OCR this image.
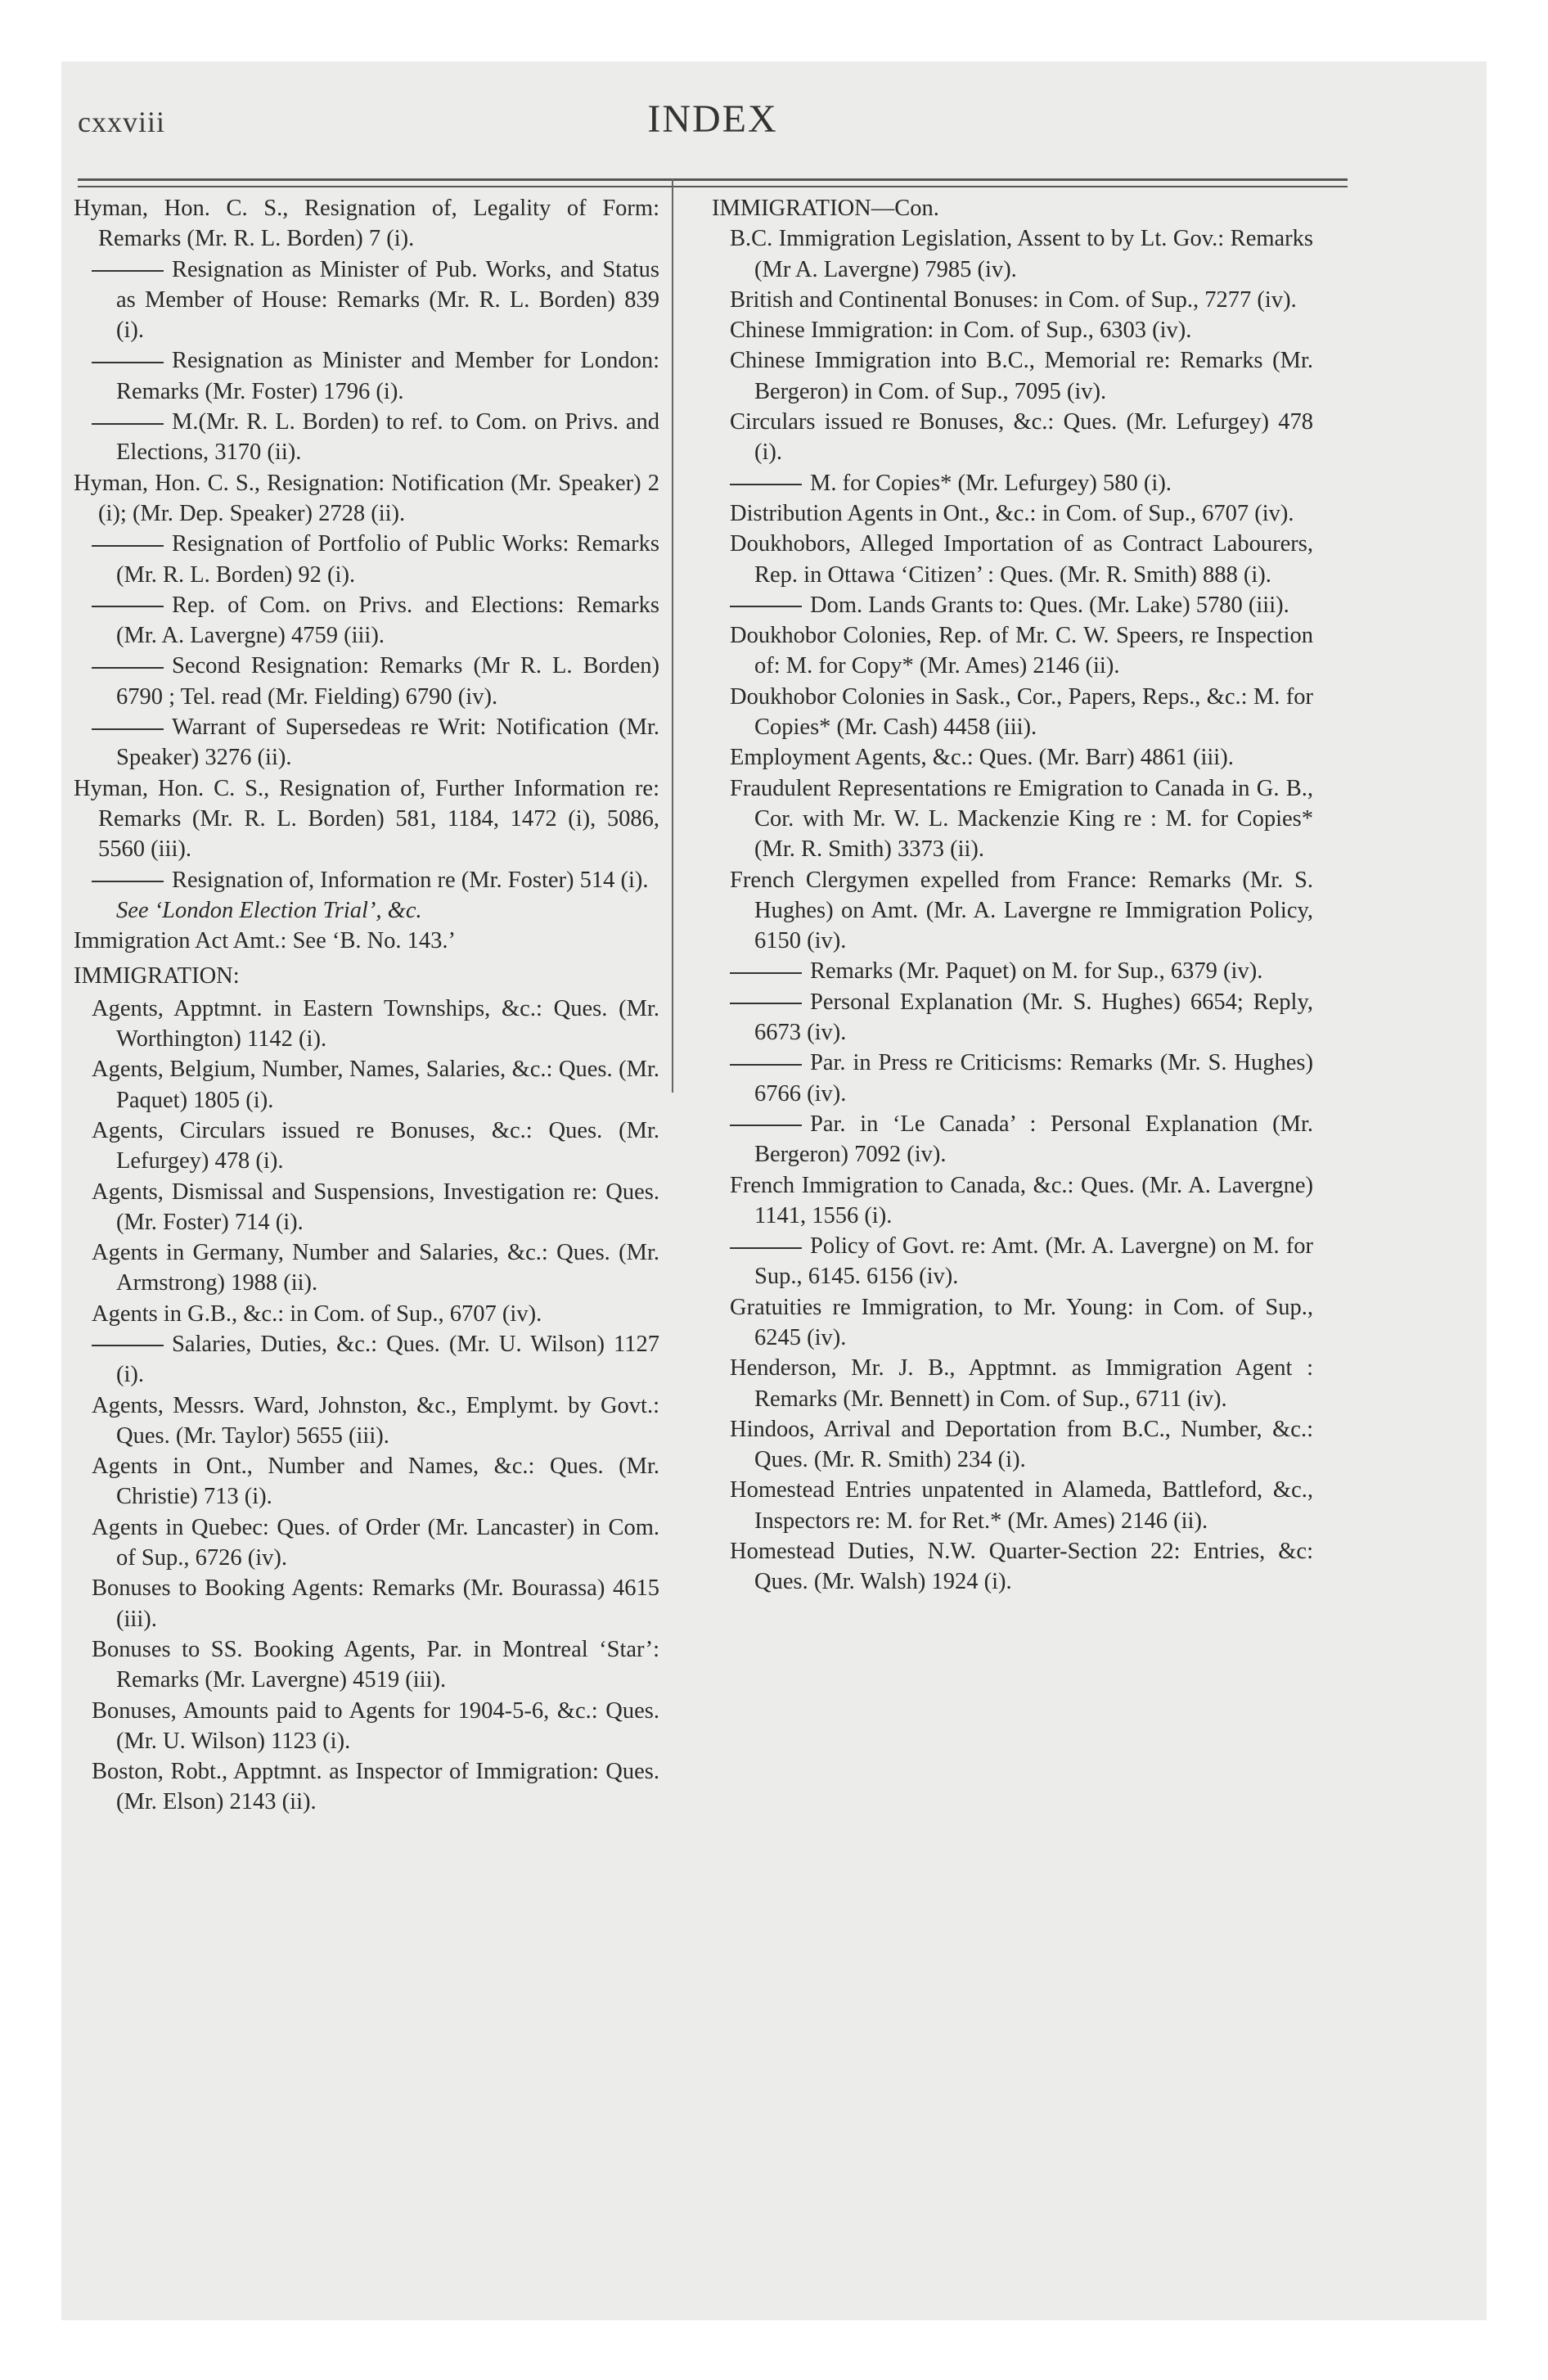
cxxviii	INDEX

Hyman, Hon. C. S., Resignation of, Legality of Form: Remarks (Mr. R. L. Borden) 7 (i).

Resignation as Minister of Pub. Works, and Status as Member of House: Remarks (Mr. R. L. Borden) 839 (i).

Resignation as Minister and Member for London: Remarks (Mr. Foster) 1796 (i).

M.(Mr. R. L. Borden) to ref. to Com. on Privs. and Elections, 3170 (ii).

Hyman, Hon. C. S., Resignation: Notification (Mr. Speaker) 2 (i); (Mr. Dep. Speaker) 2728 (ii).

Resignation of Portfolio of Public Works: Remarks (Mr. R. L. Borden) 92 (i).

Rep. of Com. on Privs. and Elections: Remarks (Mr. A. Lavergne) 4759 (iii).

Second Resignation: Remarks (Mr R. L. Borden) 6790 ; Tel. read (Mr. Fielding) 6790 (iv).

Warrant of Supersedeas re Writ: Notification (Mr. Speaker) 3276 (ii).

Hyman, Hon. C. S., Resignation of, Further Information re: Remarks (Mr. R. L. Borden) 581, 1184, 1472 (i), 5086, 5560 (iii).

Resignation of, Information re (Mr. Foster) 514 (i).

See ‘London Election Trial’, &c.

Immigration Act Amt.: See ‘B. No. 143.’

IMMIGRATION:

Agents, Apptmnt. in Eastern Townships, &c.: Ques. (Mr. Worthington) 1142 (i).

Agents, Belgium, Number, Names, Salaries, &c.: Ques. (Mr. Paquet) 1805 (i).

Agents, Circulars issued re Bonuses, &c.: Ques. (Mr. Lefurgey) 478 (i).

Agents, Dismissal and Suspensions, Investigation re: Ques. (Mr. Foster) 714 (i).

Agents in Germany, Number and Salaries, &c.: Ques. (Mr. Armstrong) 1988 (ii).

Agents in G.B., &c.: in Com. of Sup., 6707 (iv).

Salaries, Duties, &c.: Ques. (Mr. U. Wilson) 1127 (i).

Agents, Messrs. Ward, Johnston, &c., Emplymt. by Govt.: Ques. (Mr. Taylor) 5655 (iii).

Agents in Ont., Number and Names, &c.: Ques. (Mr. Christie) 713 (i).

Agents in Quebec: Ques. of Order (Mr. Lancaster) in Com. of Sup., 6726 (iv).

Bonuses to Booking Agents: Remarks (Mr. Bourassa) 4615 (iii).

Bonuses to SS. Booking Agents, Par. in Montreal ‘Star’: Remarks (Mr. Lavergne) 4519 (iii).

Bonuses, Amounts paid to Agents for 1904-5-6, &c.: Ques. (Mr. U. Wilson) 1123 (i).

Boston, Robt., Apptmnt. as Inspector of Immigration: Ques. (Mr. Elson) 2143 (ii).

IMMIGRATION—Con.

B.C. Immigration Legislation, Assent to by Lt. Gov.: Remarks (Mr A. Lavergne) 7985 (iv).

British and Continental Bonuses: in Com. of Sup., 7277 (iv).

Chinese Immigration: in Com. of Sup., 6303 (iv).

Chinese Immigration into B.C., Memorial re: Remarks (Mr. Bergeron) in Com. of Sup., 7095 (iv).

Circulars issued re Bonuses, &c.: Ques. (Mr. Lefurgey) 478 (i).

M. for Copies* (Mr. Lefurgey) 580 (i).

Distribution Agents in Ont., &c.: in Com. of Sup., 6707 (iv).

Doukhobors, Alleged Importation of as Contract Labourers, Rep. in Ottawa ‘Citizen’ : Ques. (Mr. R. Smith) 888 (i).

Dom. Lands Grants to: Ques. (Mr. Lake) 5780 (iii).

Doukhobor Colonies, Rep. of Mr. C. W. Speers, re Inspection of: M. for Copy* (Mr. Ames) 2146 (ii).

Doukhobor Colonies in Sask., Cor., Papers, Reps., &c.: M. for Copies* (Mr. Cash) 4458 (iii).

Employment Agents, &c.: Ques. (Mr. Barr) 4861 (iii).

Fraudulent Representations re Emigration to Canada in G. B., Cor. with Mr. W. L. Mackenzie King re : M. for Copies* (Mr. R. Smith) 3373 (ii).

French Clergymen expelled from France: Remarks (Mr. S. Hughes) on Amt. (Mr. A. Lavergne re Immigration Policy, 6150 (iv).

Remarks (Mr. Paquet) on M. for Sup., 6379 (iv).

Personal Explanation (Mr. S. Hughes) 6654; Reply, 6673 (iv).

Par. in Press re Criticisms: Remarks (Mr. S. Hughes) 6766 (iv).

Par. in ‘Le Canada’ : Personal Explanation (Mr. Bergeron) 7092 (iv).

French Immigration to Canada, &c.: Ques. (Mr. A. Lavergne) 1141, 1556 (i).

Policy of Govt. re: Amt. (Mr. A. Lavergne) on M. for Sup., 6145. 6156 (iv).

Gratuities re Immigration, to Mr. Young: in Com. of Sup., 6245 (iv).

Henderson, Mr. J. B., Apptmnt. as Immigration Agent : Remarks (Mr. Bennett) in Com. of Sup., 6711 (iv).

Hindoos, Arrival and Deportation from B.C., Number, &c.: Ques. (Mr. R. Smith) 234 (i).

Homestead Entries unpatented in Alameda, Battleford, &c., Inspectors re: M. for Ret.* (Mr. Ames) 2146 (ii).

Homestead Duties, N.W. Quarter-Section 22: Entries, &c: Ques. (Mr. Walsh) 1924 (i).
